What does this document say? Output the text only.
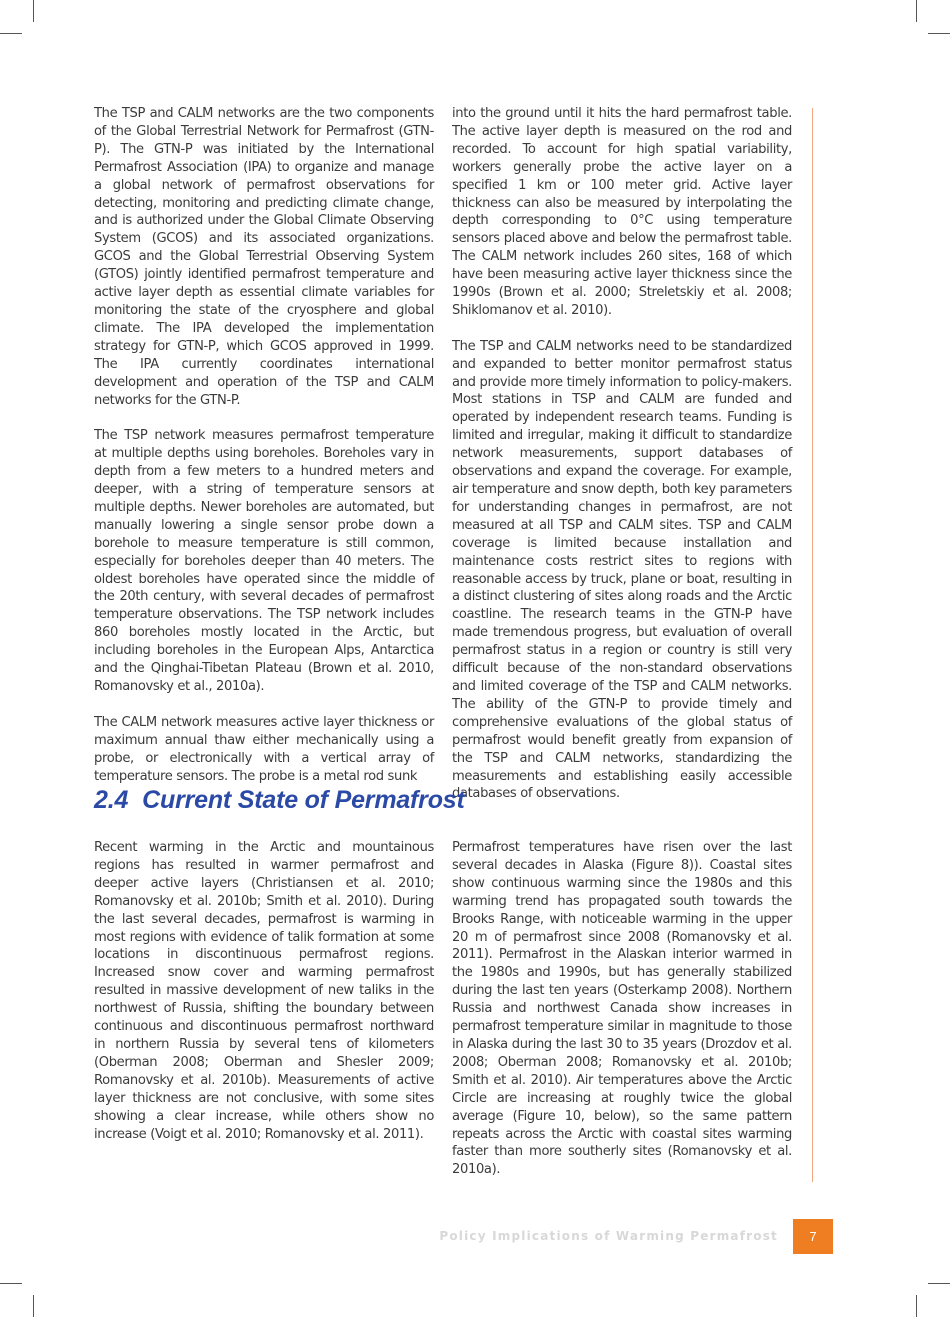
The TSP and CALM networks are the two components of the Global Terrestrial Network for Permafrost (GTN-P). The GTN-P was initiated by the International Permafrost Association (IPA) to organize and manage a global network of permafrost observations for detecting, monitoring and predicting climate change, and is authorized under the Global Climate Observing System (GCOS) and its associated organizations. GCOS and the Global Terrestrial Observing System (GTOS) jointly identified permafrost temperature and active layer depth as essential climate variables for monitoring the state of the cryosphere and global climate. The IPA developed the implementation strategy for GTN-P, which GCOS approved in 1999. The IPA currently coordinates international development and operation of the TSP and CALM networks for the GTN-P.

The TSP network measures permafrost temperature at multiple depths using boreholes. Boreholes vary in depth from a few meters to a hundred meters and deeper, with a string of temperature sensors at multiple depths. Newer boreholes are automated, but manually lowering a single sensor probe down a borehole to measure temperature is still common, especially for boreholes deeper than 40 meters. The oldest boreholes have operated since the middle of the 20th century, with several decades of permafrost temperature observations. The TSP network includes 860 boreholes mostly located in the Arctic, but including boreholes in the European Alps, Antarctica and the Qinghai-Tibetan Plateau (Brown et al. 2010, Romanovsky et al., 2010a).

The CALM network measures active layer thickness or maximum annual thaw either mechanically using a probe, or electronically with a vertical array of temperature sensors. The probe is a metal rod sunk

into the ground until it hits the hard permafrost table. The active layer depth is measured on the rod and recorded. To account for high spatial variability, workers generally probe the active layer on a specified 1 km or 100 meter grid. Active layer thickness can also be measured by interpolating the depth corresponding to 0°C using temperature sensors placed above and below the permafrost table. The CALM network includes 260 sites, 168 of which have been measuring active layer thickness since the 1990s (Brown et al. 2000; Streletskiy et al. 2008; Shiklomanov et al. 2010).

The TSP and CALM networks need to be standardized and expanded to better monitor permafrost status and provide more timely information to policy-makers. Most stations in TSP and CALM are funded and operated by independent research teams. Funding is limited and irregular, making it difficult to standardize network measurements, support databases of observations and expand the coverage. For example, air temperature and snow depth, both key parameters for understanding changes in permafrost, are not measured at all TSP and CALM sites. TSP and CALM coverage is limited because installation and maintenance costs restrict sites to regions with reasonable access by truck, plane or boat, resulting in a distinct clustering of sites along roads and the Arctic coastline. The research teams in the GTN-P have made tremendous progress, but evaluation of overall permafrost status in a region or country is still very difficult because of the non-standard observations and limited coverage of the TSP and CALM networks. The ability of the GTN-P to provide timely and comprehensive evaluations of the global status of permafrost would benefit greatly from expansion of the TSP and CALM networks, standardizing the measurements and establishing easily accessible databases of observations.

2.4 Current State of Permafrost

Recent warming in the Arctic and mountainous regions has resulted in warmer permafrost and deeper active layers (Christiansen et al. 2010; Romanovsky et al. 2010b; Smith et al. 2010). During the last several decades, permafrost is warming in most regions with evidence of talik formation at some locations in discontinuous permafrost regions. Increased snow cover and warming permafrost resulted in massive development of new taliks in the northwest of Russia, shifting the boundary between continuous and discontinuous permafrost northward in northern Russia by several tens of kilometers (Oberman 2008; Oberman and Shesler 2009; Romanovsky et al. 2010b). Measurements of active layer thickness are not conclusive, with some sites showing a clear increase, while others show no increase (Voigt et al. 2010; Romanovsky et al. 2011).

Permafrost temperatures have risen over the last several decades in Alaska (Figure 8)). Coastal sites show continuous warming since the 1980s and this warming trend has propagated south towards the Brooks Range, with noticeable warming in the upper 20 m of permafrost since 2008 (Romanovsky et al. 2011). Permafrost in the Alaskan interior warmed in the 1980s and 1990s, but has generally stabilized during the last ten years (Osterkamp 2008). Northern Russia and northwest Canada show increases in permafrost temperature similar in magnitude to those in Alaska during the last 30 to 35 years (Drozdov et al. 2008; Oberman 2008; Romanovsky et al. 2010b; Smith et al. 2010). Air temperatures above the Arctic Circle are increasing at roughly twice the global average (Figure 10, below), so the same pattern repeats across the Arctic with coastal sites warming faster than more southerly sites (Romanovsky et al. 2010a).

Policy Implications of Warming Permafrost 7
